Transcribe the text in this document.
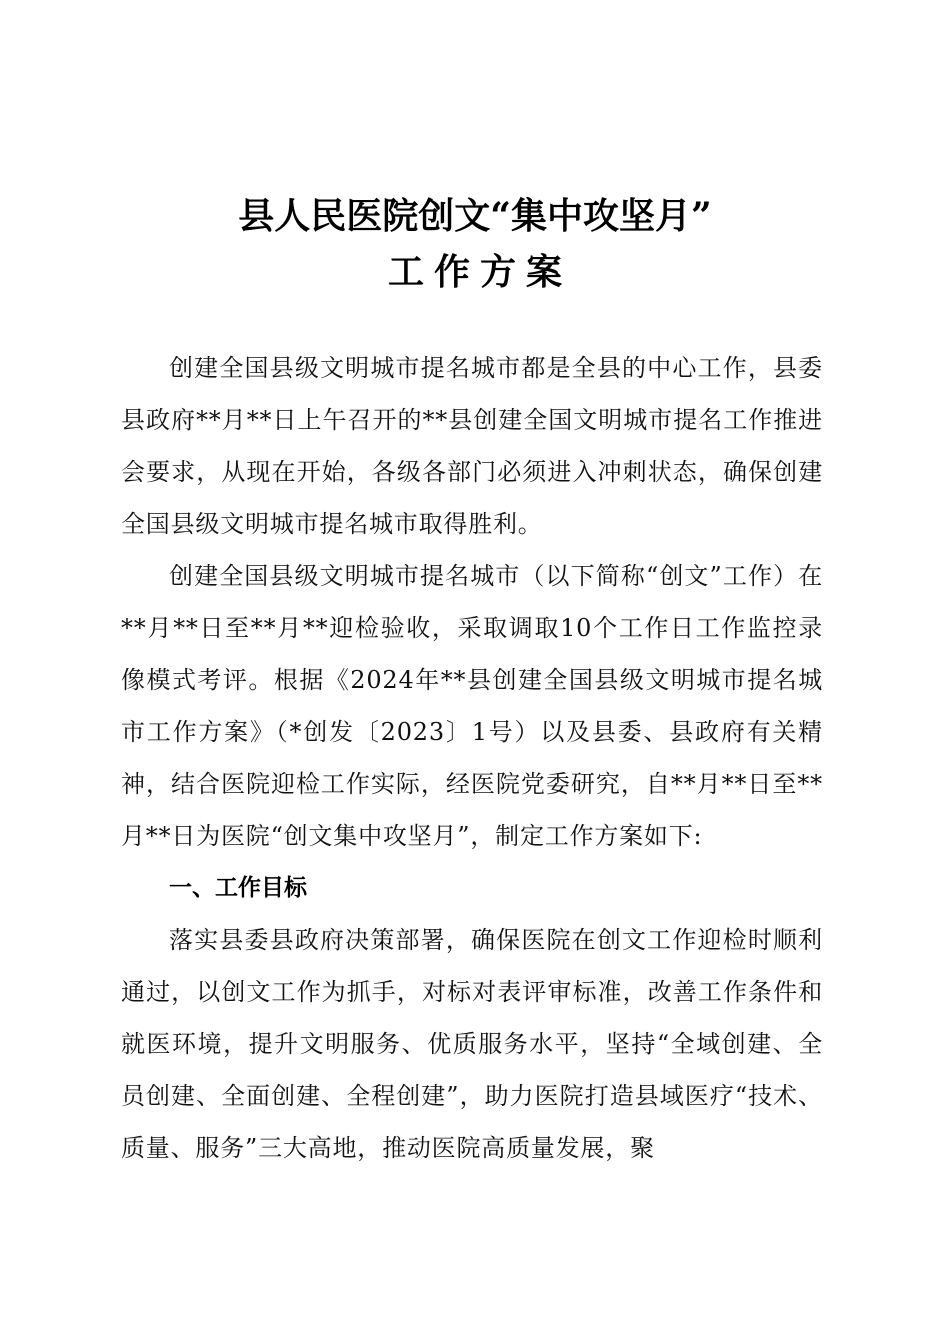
县人民医院创文“集中攻坚月”
工作方案

创建全国县级文明城市提名城市都是全县的中心工作，县委县政府**月**日上午召开的**县创建全国文明城市提名工作推进会要求，从现在开始，各级各部门必须进入冲刺状态，确保创建全国县级文明城市提名城市取得胜利。

创建全国县级文明城市提名城市（以下简称“创文”工作）在**月**日至**月**迎检验收，采取调取10个工作日工作监控录像模式考评。根据《2024年**县创建全国县级文明城市提名城市工作方案》（*创发〔2023〕1号）以及县委、县政府有关精神，结合医院迎检工作实际，经医院党委研究，自**月**日至**月**日为医院“创文集中攻坚月”，制定工作方案如下:

一、工作目标

落实县委县政府决策部署，确保医院在创文工作迎检时顺利通过，以创文工作为抓手，对标对表评审标准，改善工作条件和就医环境，提升文明服务、优质服务水平，坚持“全域创建、全员创建、全面创建、全程创建”，助力医院打造县域医疗“技术、质量、服务”三大高地，推动医院高质量发展，聚
